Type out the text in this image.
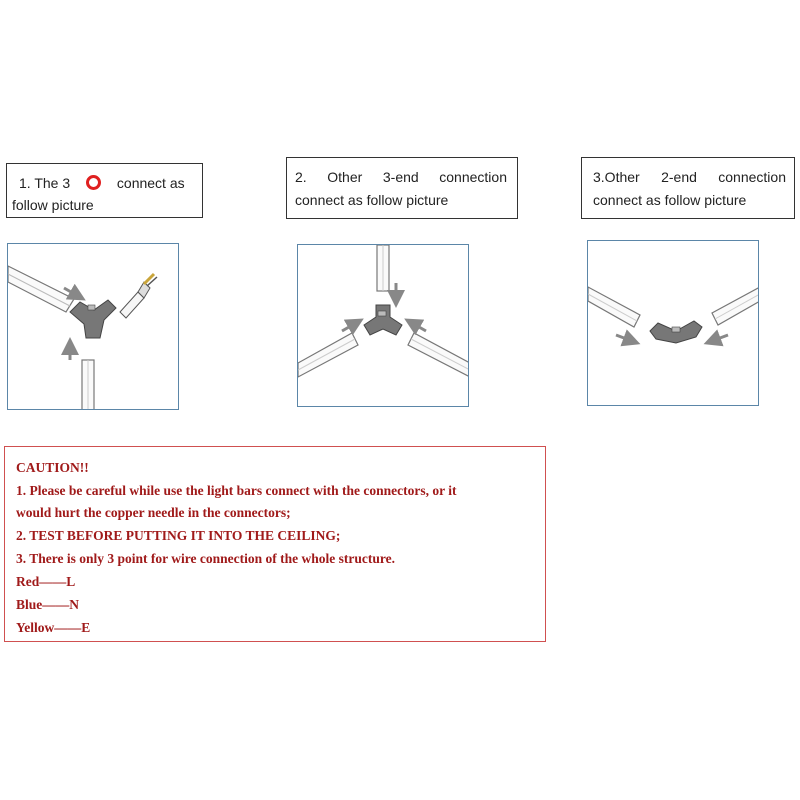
1. The 3	connect as
follow picture
2. Other 3-end connection
connect as follow picture
3.Other 2-end connection
connect as follow picture
CAUTION!!
1. Please be careful while use the light bars connect with the connectors, or it
would hurt the copper needle in the connectors;
2. TEST BEFORE PUTTING IT INTO THE CEILING;
3. There is only 3 point for wire connection of the whole structure.
Red——L
Blue——N
Yellow——E
